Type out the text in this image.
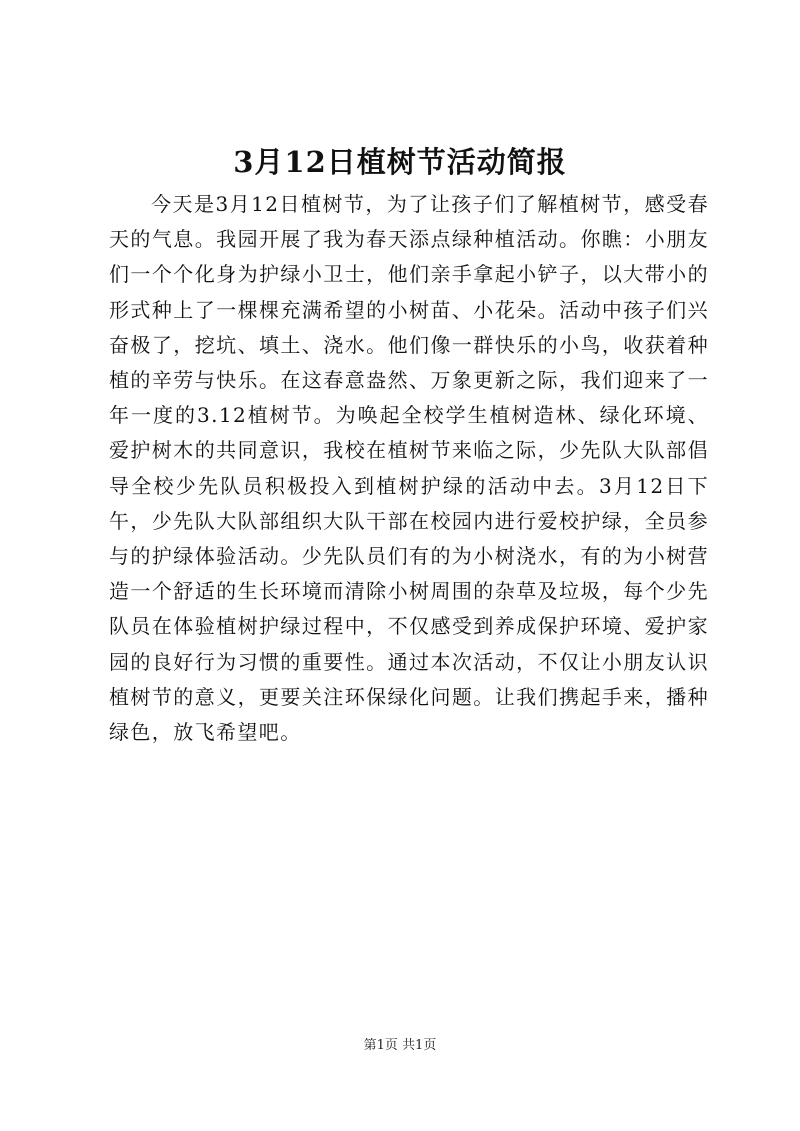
3月12日植树节活动简报

今天是3月12日植树节，为了让孩子们了解植树节，感受春天的气息。我园开展了我为春天添点绿种植活动。你瞧：小朋友们一个个化身为护绿小卫士，他们亲手拿起小铲子，以大带小的形式种上了一棵棵充满希望的小树苗、小花朵。活动中孩子们兴奋极了，挖坑、填土、浇水。他们像一群快乐的小鸟，收获着种植的辛劳与快乐。在这春意盎然、万象更新之际，我们迎来了一年一度的3.12植树节。为唤起全校学生植树造林、绿化环境、爱护树木的共同意识，我校在植树节来临之际，少先队大队部倡导全校少先队员积极投入到植树护绿的活动中去。3月12日下午，少先队大队部组织大队干部在校园内进行爱校护绿，全员参与的护绿体验活动。少先队员们有的为小树浇水，有的为小树营造一个舒适的生长环境而清除小树周围的杂草及垃圾，每个少先队员在体验植树护绿过程中，不仅感受到养成保护环境、爱护家园的良好行为习惯的重要性。通过本次活动，不仅让小朋友认识植树节的意义，更要关注环保绿化问题。让我们携起手来，播种绿色，放飞希望吧。

第1页 共1页
